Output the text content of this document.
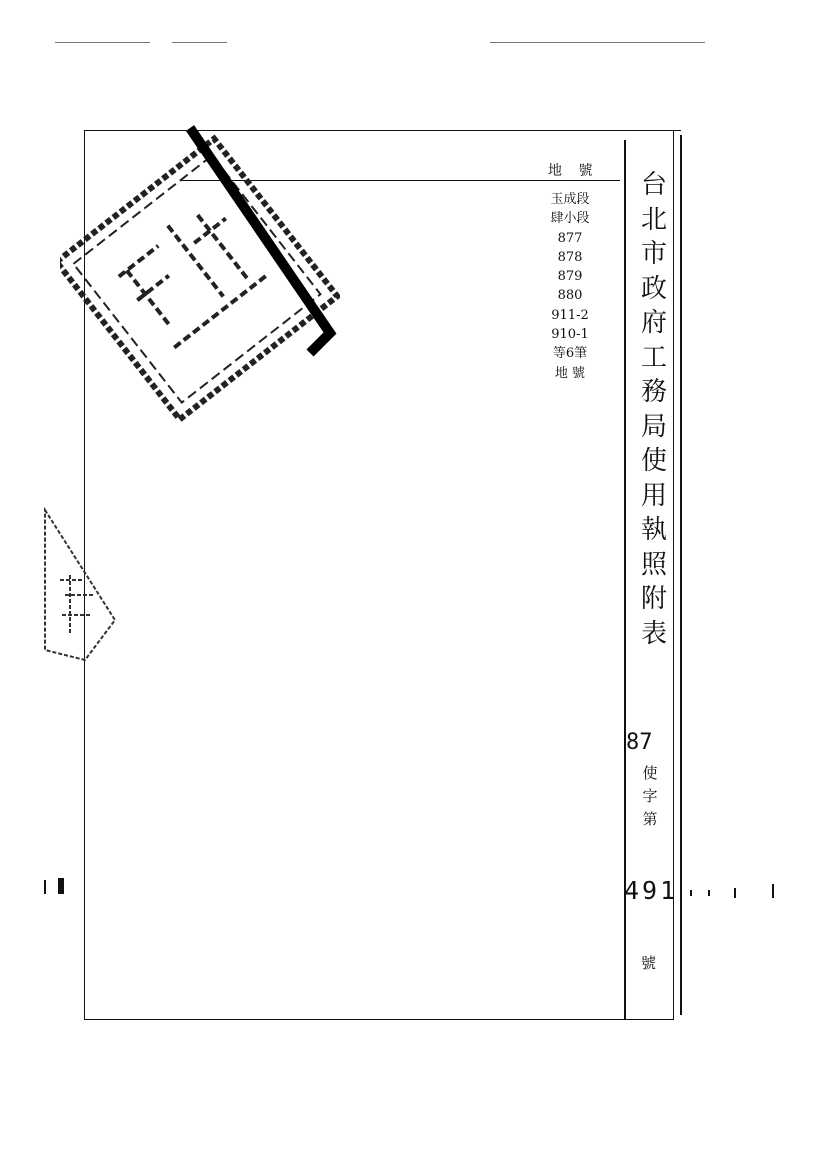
地 號
玉成段
肆小段
877
878
879
880
911-2
910-1
等6筆
地 號
台
北
市
政
府
工
務
局
使
用
執
照
附
表
87
使
字
第
491
號
